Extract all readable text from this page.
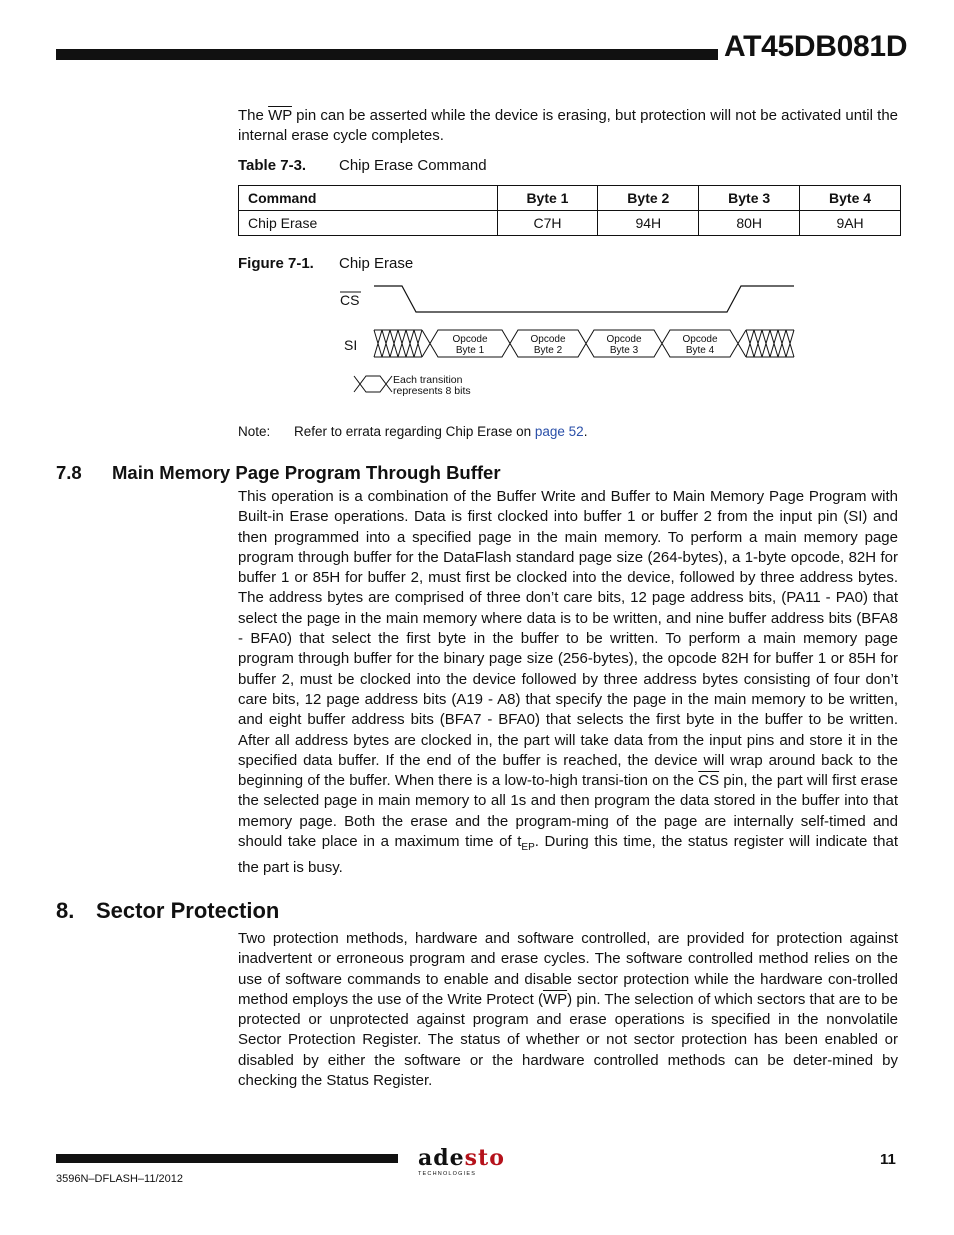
AT45DB081D

The $\overline{WP}$ pin can be asserted while the device is erasing, but protection will not be activated until the internal erase cycle completes.

Table 7-3. Chip Erase Command
Command	Byte 1	Byte 2	Byte 3	Byte 4
Chip Erase	C7H	94H	80H	9AH
Figure 7-1. Chip Erase
CS
SI	Opcode
Byte 1
Opcode
Byte 2
Opcode
Byte 3
Opcode
Byte 4
Each transition
represents 8 bits
Note: Refer to errata regarding Chip Erase on page 52.
7.8 Main Memory Page Program Through Buffer

This operation is a combination of the Buffer Write and Buffer to Main Memory Page Program with Built-in Erase operations. Data is first clocked into buffer 1 or buffer 2 from the input pin (SI) and then programmed into a specified page in the main memory. To perform a main memory page program through buffer for the DataFlash standard page size (264-bytes), a 1-byte opcode, 82H for buffer 1 or 85H for buffer 2, must first be clocked into the device, followed by three address bytes. The address bytes are comprised of three don’t care bits, 12 page address bits, (PA11 - PA0) that select the page in the main memory where data is to be written, and nine buffer address bits (BFA8 - BFA0) that select the first byte in the buffer to be written. To perform a main memory page program through buffer for the binary page size (256-bytes), the opcode 82H for buffer 1 or 85H for buffer 2, must be clocked into the device followed by three address bytes consisting of four don’t care bits, 12 page address bits (A19 - A8) that specify the page in the main memory to be written, and eight buffer address bits (BFA7 - BFA0) that selects the first byte in the buffer to be written. After all address bytes are clocked in, the part will take data from the input pins and store it in the specified data buffer. If the end of the buffer is reached, the device will wrap around back to the beginning of the buffer. When there is a low-to-high transi-tion on the $\overline{CS}$ pin, the part will first erase the selected page in main memory to all 1s and then program the data stored in the buffer into that memory page. Both the erase and the program-ming of the page are internally self-timed and should take place in a maximum time of $t_{EP}$. During this time, the status register will indicate that the part is busy.

8. Sector Protection

Two protection methods, hardware and software controlled, are provided for protection against inadvertent or erroneous program and erase cycles. The software controlled method relies on the use of software commands to enable and disable sector protection while the hardware con-trolled method employs the use of the Write Protect $(\overline{WP})$ pin. The selection of which sectors that are to be protected or unprotected against program and erase operations is specified in the nonvolatile Sector Protection Register. The status of whether or not sector protection has been enabled or disabled by either the software or the hardware controlled methods can be deter-mined by checking the Status Register.

3596N–DFLASH–11/2012
adesto
TECHNOLOGIES
11
